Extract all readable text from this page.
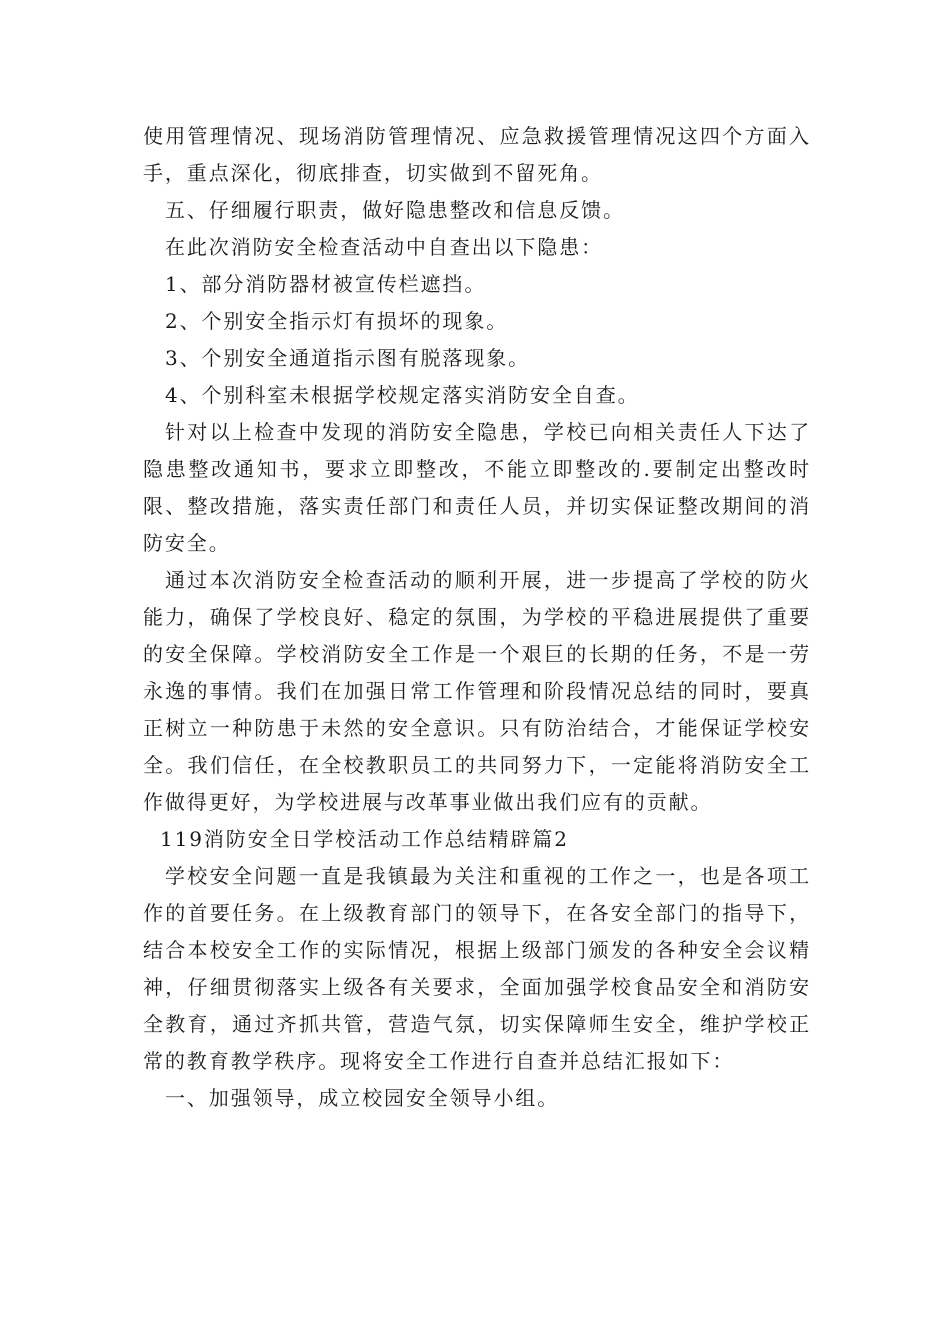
使用管理情况、现场消防管理情况、应急救援管理情况这四个方面入手，重点深化，彻底排查，切实做到不留死角。

五、仔细履行职责，做好隐患整改和信息反馈。

在此次消防安全检查活动中自查出以下隐患：

1、部分消防器材被宣传栏遮挡。

2、个别安全指示灯有损坏的现象。

3、个别安全通道指示图有脱落现象。

4、个别科室未根据学校规定落实消防安全自查。

针对以上检查中发现的消防安全隐患，学校已向相关责任人下达了隐患整改通知书，要求立即整改，不能立即整改的.要制定出整改时限、整改措施，落实责任部门和责任人员，并切实保证整改期间的消防安全。

通过本次消防安全检查活动的顺利开展，进一步提高了学校的防火能力，确保了学校良好、稳定的氛围，为学校的平稳进展提供了重要的安全保障。学校消防安全工作是一个艰巨的长期的任务，不是一劳永逸的事情。我们在加强日常工作管理和阶段情况总结的同时，要真正树立一种防患于未然的安全意识。只有防治结合，才能保证学校安全。我们信任，在全校教职员工的共同努力下，一定能将消防安全工作做得更好，为学校进展与改革事业做出我们应有的贡献。

119消防安全日学校活动工作总结精辟篇2

学校安全问题一直是我镇最为关注和重视的工作之一，也是各项工作的首要任务。在上级教育部门的领导下，在各安全部门的指导下，结合本校安全工作的实际情况，根据上级部门颁发的各种安全会议精神，仔细贯彻落实上级各有关要求，全面加强学校食品安全和消防安全教育，通过齐抓共管，营造气氛，切实保障师生安全，维护学校正常的教育教学秩序。现将安全工作进行自查并总结汇报如下：

一、加强领导，成立校园安全领导小组。
